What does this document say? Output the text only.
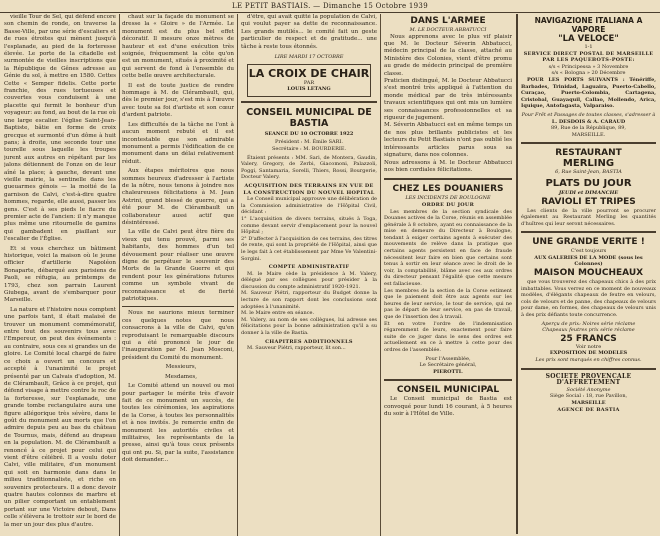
LE PETIT BASTIAIS. — Dimanche 15 Octobre 1939

vieille Tour de Sel, qui défend encore son chemin de ronde, on traverse la Basse-Ville, par une série d'escaliers et de rues étroites qui mènent jusqu'à l'esplanade, au pied de la forteresse élevée. Le porte de la citadelle est surmontée de vieilles inscriptions que la République de Gênes adresse au Génie du sol, à mettre en 1580. Cettes Cette « Semper fidelis. Cette porte franchie, des rues tortueuses et couvertes vous conduisent à une placette qui fermit le bonheur d'un voyageur: au fond, au bout de la rue où une large escalier. l'église Saint-Jean-Baptiste, bâtie en forme de croix grecque et surmonté d'un dôme à huit pans; à droite, une seconde tour une tourelle sous laquelle les troupes jurent aux autres en répétant par les jalons détiennent de l'onze on de leur aîné la place; à gauche, devant une vieille mairie, la sentinelle dans les gueuarmes génois — la moitié de la garnison de Calvi, c'est-à-dire quatre hommes, regarde, elle aussi, passer les gens. C'est à ses pieds le fiacre du premier acte de l'ancien: il n'y manque plus même une ritournelle de gamins qui gambadent en piaillant sur l'escalier de l'Église.

Et si vous cherchez un bâtiment historique, voici la maison où le jeune officier d'artillerie Napoléon Bonaparte, débarqué aux parisiens de Paoli, se réfugia, au printemps de 1793, chez son parrain Laurent Giubega, avant de s'embarquer pour Marseille.

La nature et l'histoire nous comptent une parfois tant, il était malaisé de trouver un monument commémoratif, entre tout des souvenirs tous avec l'Empereur, on peut des événements : au contraire, sous ces si grandes un de gloire. Le Comité local chargé de faire ce choix a ouvert un concours et accepté à l'unanimité le projet présenté par un Calvais d'adoption, M. de Clérambault, Grâce à ce projet, qui défend visage à mettre contre le roc de la forteresse, sur l'esplanade, une grande tombe rectangulaire aura une figure allégorique très sévère, dans le goût du monument aux morts que l'on admire depuis peu au bas du château de Tournus, mais, défend au drapeau en la population. M. de Clérambault a renoncé à ce projet pour celui qui vient d'être célébré. Il a voulu doter Calvi, ville militaire, d'un monument qui soit en harmonie dans dans le milieu traditionnaliste, et riche en souvenirs protecteurs. Il a donc devoir quatre hautes colonnes de marbre et un pilier comportant un entablement portant sur une Victoire debout, Dans celle s'élèvera le trottoir sur le bord de la mer un jour des plus d'autre.

chaut sur la façade du monument se dresse la « Gloire » de l'Armée. Le monument est du plus bel effet décoratif. Il mesure onze mètres de hauteur et est d'une exécution très soignée, fréquemment la côte qu'on est un monument, situés à proximité et qui servent de fond à l'ensemble du cette belle œuvre architecturale.

Il est de toute justice de rendre hommage à M. de Clérambault, qui, dès le premier jour, s'est mis à l'œuvre avec toute sa foi d'artiste et son cœur d'ardent patriote.

Les difficultés de la tâche ne l'ont à aucun moment rebuté et il est incontestable que son admirable monument a permis l'édification de ce monument dans un délai relativement réduit.

Aux étapes méritoires que nous sommes heureux d'adresser à l'artiste de la nôtre, nous tenons à joindre nos chaleureuses félicitations à M. Jean Astrini, grand blessé de guerre, qui a été pour M. de Clérambault un collaborateur aussi actif que désintéressé.

La ville de Calvi peut être fière du vieux qui tenu prouvé, parmi ses habitants, des hommes d'un tel dévouement pour réaliser une œuvre digne de perpétuer le souvenir des Morts de la Grande Guerre et qui rendent pour les générations futures comme un symbole vivant de reconnaissance et de fierté patriotiques.

Nous ne saurions mieux terminer ces quelques notes que nous consacrons à la ville de Calvi, qu'en reproduisant le remarquable discours qui a été prononcé le jour de l'inauguration par M. Jean Mosconi, président du Comité du monument.

Messieurs,

Mesdames,

Le Comité attend un nouvel ou moi pour partager le mérite très d'avoir fait de ce monument un succès, de toutes les cérémonies, les aspirations de la Corse, à toutes les personnalités et à nos invités. Je remercie enfin de monument les autorités civiles et militaires, les représentants de la presse, ainsi qu'à tous ceux présents qui ont pu. Si, par la suite, l'assistance doit demander...

d'être, qui avait quitté la population de Calvi, qui voulut payer sa dette de reconnaissance. Les grands mutilés... le comité fait un geste particulier de respect et de gratitude... une tâche à reste tous étonnés.

LIRE MARDI 17 OCTOBRE
LA CROIX DE CHAIR
PAR
LOUIS LETANG
CONSEIL MUNICIPAL DE BASTIA
SEANCE DU 10 OCTOBRE 1922
Président : M. Émile SARI.
Secrétaire : M. BOURDERIE.

Étaient présents : MM. Sari, de Montera, Gaudin, Valery, Gregory, de Zerbi, Giacomoni, Palazzoli, Poggi, Santamaria, Sorelli, Thiers, Rossi, Bourgerie, Docteur Valery.

ACQUISITION DES TERRAINS EN VUE DE LA CONSTRUCTION DU NOUVEL HOPITAL

Le Conseil municipal approuve une délibération de la Commission administrative de l'Hôpital Civil, décidant :
1° L'acquisition de divers terrains, situés à Toga, comme devant servir d'emplacement pour la nouvel Hôpital ;
2° D'affecter à l'acquisition de ces terrains, des titres de rente, qui sont la propriété de l'Hôpital, ainsi que le legs fait à cet établissement par Mme Ve Valentini-Sorgini.

COMPTE ADMINISTRATIF

M. le Maire cède la présidence à M. Valery, délégué par ses collègues pour présider à la discussion du compte administratif 1920-1921.
M. Sauveur Piétri, rapporteur du Budget donne la lecture de son rapport dont les conclusions sont adoptées à l'unanimité.
M. le Maire entre en séance.
M. Valery, au nom de ses collègues, lui adresse ses félicitations pour la bonne administration qu'il a su donner à la ville de Bastia.

CHAPITRES ADDITIONNELS

M. Sauveur Piétri, rapporteur, lit son...

DANS L'ARMEE
M. LE DOCTEUR ABBATUCCI

Nous apprenons avec le plus vif plaisir que M. le Docteur Séverin Abbatucci, médecin principal de la classe, attaché au Ministère des Colonies, vient d'être promu au grade de médecin principal de première classe.
Praticien distingué, M. le Docteur Abbatucci s'est montré très appliqué à l'attention du monde médical par de très intéressants travaux scientifiques qui ont mis un lumière ses connaissances professionnelles et sa rigueur de jugement.
M. Séverin Abbatucci est en même temps un de nos plus brillants publicistes et les lecteurs du Petit Bastiais n'ont pas oublié les intéressants articles parus sous sa signature, dans nos colonnes.
Nous adressons à M. le Docteur Abbatucci nos bien cordiales félicitations.

CHEZ LES DOUANIERS
LES INCIDENTS DE BOULOGNE
ORDRE DU JOUR

Les membres de la section syndicale des Douanes actives de la Corse, réunis en assemblée générale à 8 octobre, ayant eu connaissance de la mise en demeure du Directeur à Boulogne, tendant à exiger certains agents à exécuter des mouvements de relève dans la pratique que certains agents persistent en face de fraude nécessitent leur faire en bien que certains sont tenus à sortir en leur séance avec le droit de le voir, la comptabilité, blâme avec ces aux ordres du directeur pensant l'égalité que cette mesure est fallacieuse.
Les membres de la section de la Corse estiment que le paiement doit être aux agents sur les heures de leur service, le tour de service, qui ne pas le départ de leur service, en pas de travail, que de l'insertion des à travail.
Et en votre l'ordre de l'indemnisation régaremment de leurs, exactement pour faire suite de ce juger dans le sens des ordres est actuellement en ce à mettre à cette pour des ordres de l'assemblée.

Pour l'Assemblée,
Le Secrétaire général,
PIEROTTI.
CONSEIL MUNICIPAL

Le Conseil municipal de Bastia est convoqué pour lundi 16 courant, à 5 heures du soir à l'Hôtel de Ville.

NAVIGAZIONE ITALIANA A VAPORE
"LA VELOCE"
1-1
SERVICE DIRECT POSTAL DE MARSEILLE PAR LES PAQUEBOTS-POSTE:
s/s « Principessa » 3 Novembre
s/s « Bologna » 20 Décembre

POUR LES PORTS SUIVANTS : Ténériffe, Barbades, Trinidad, Laguaira, Puerto-Cabello, Curaçao, Puerto-Colombia, Cartagena, Cristobal, Guayaquil, Callao, Mollendo, Arica, Iquique, Antofagasta, Valparaiso.

Pour Frêt et Passages de toutes classes, s'adresser à
L. DESDOIS & A. CARAUD
89, Rue de la République, 89,
MARSEILLE.
RESTAURANT
MERLING
6, Rue Saint-Jean, BASTIA
PLATS DU JOUR
JEUDI et DIMANCHE
RAVIOLI ET TRIPES

Les clients de la ville pourront se procurer également au Restaurant Merling les quantités d'huîtres qui leur seront nécessaires.

UNE GRANDE VERITE !
C'est toujours
AUX GALERIES DE LA MODE (sous les Colonnes)
MAISON MOUCHEAUX

que vous trouverez des chapeaux chics à des prix imbattables. Vous verrez en ce moment de nouveaux modèles, d'élégants chapeaux de feutre en velours, cols de velours et de panne, des chapeaux de velours pour dame, en formes, des chapeaux de velours unis à des prix défiants toute concurrence.

Aperçu de prix: Noires série réclame
Chapeaux feutres prix série réclame
25 FRANCS
Voir notre
EXPOSITION DE MODELES
Les prix sont marqués en chiffres connus.
SOCIETE PROVENCALE D'AFFRETEMENT
Société Anonyme
Siège Social : 18, rue Pavillon,
MARSEILLE
AGENCE DE BASTIA
